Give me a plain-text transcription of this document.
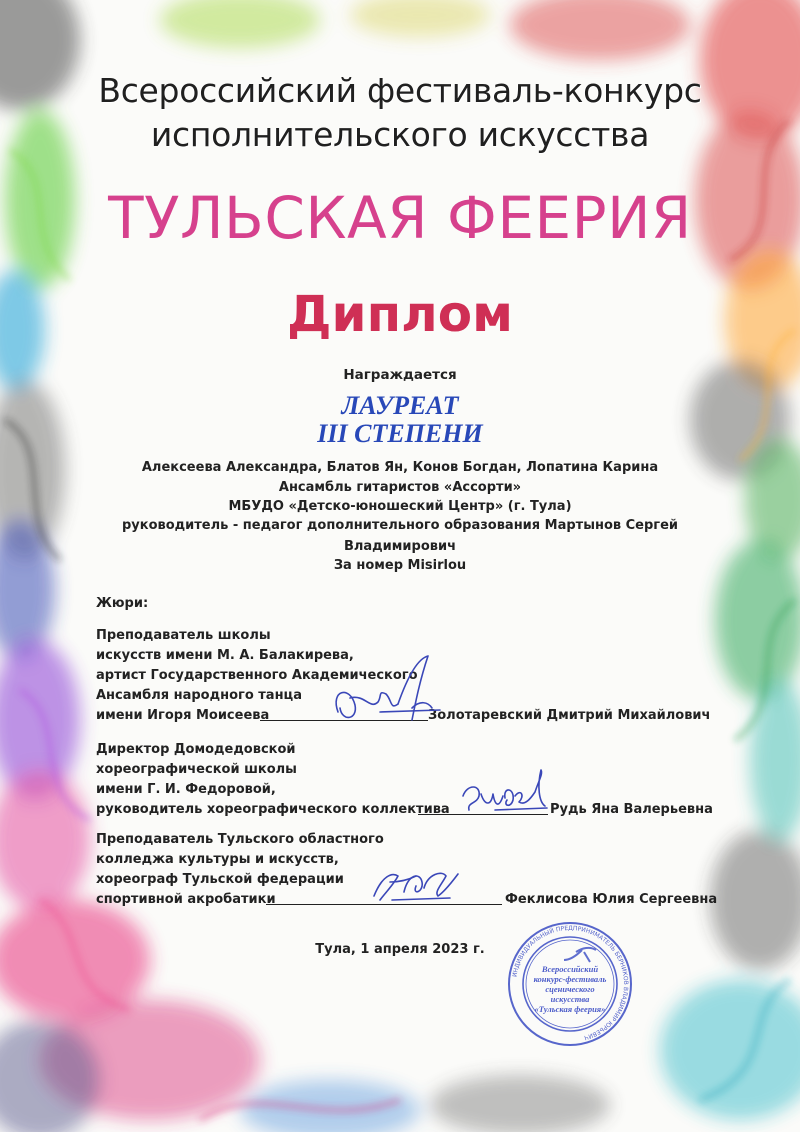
Всероссийский фестиваль-конкурс
исполнительского искусства
ТУЛЬСКАЯ ФЕЕРИЯ
Диплом
Награждается
ЛАУРЕАТ
III СТЕПЕНИ
Алексеева Александра, Блатов Ян, Конов Богдан, Лопатина Карина
Ансамбль гитаристов «Ассорти»
МБУДО «Детско-юношеский Центр» (г. Тула)
руководитель - педагог дополнительного образования Мартынов Сергей
Владимирович
За номер Misirlou
Жюри:
Преподаватель школы
искусств имени М. А. Балакирева,
артист Государственного Академического
Ансамбля народного танца
имени Игоря Моисеева	Золотаревский Дмитрий Михайлович
Директор Домодедовской
хореографической школы
имени Г. И. Федоровой,
руководитель хореографического коллектива	Рудь Яна Валерьевна
Преподаватель Тульского областного
колледжа культуры и искусств,
хореограф Тульской федерации
спортивной акробатики	Феклисова Юлия Сергеевна
Тула, 1 апреля 2023 г.
ИНДИВИДУАЛЬНЫЙ ПРЕДПРИНИМАТЕЛЬ БЕРНИКОВ ВЛАДИМИР ЮРЬЕВИЧ
Всероссийский
конкурс-фестиваль
сценического
искусства
«Тульская феерия»
